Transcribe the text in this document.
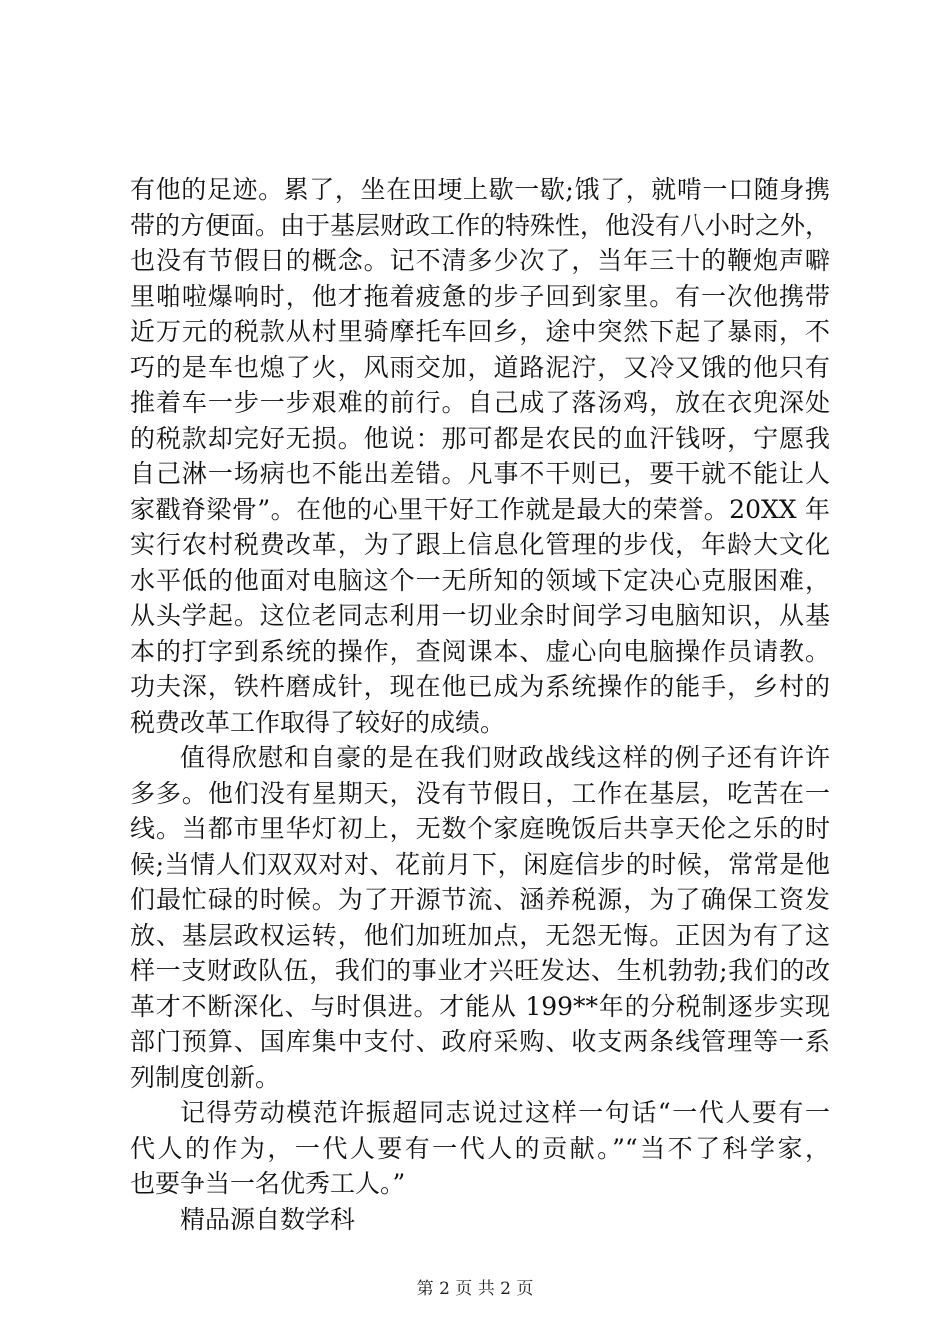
有他的足迹。累了，坐在田埂上歇一歇;饿了，就啃一口随身携
带的方便面。由于基层财政工作的特殊性，他没有八小时之外，
也没有节假日的概念。记不清多少次了，当年三十的鞭炮声噼
里啪啦爆响时，他才拖着疲惫的步子回到家里。有一次他携带
近万元的税款从村里骑摩托车回乡，途中突然下起了暴雨，不
巧的是车也熄了火，风雨交加，道路泥泞，又冷又饿的他只有
推着车一步一步艰难的前行。自己成了落汤鸡，放在衣兜深处
的税款却完好无损。他说：那可都是农民的血汗钱呀，宁愿我
自己淋一场病也不能出差错。凡事不干则已，要干就不能让人
家戳脊梁骨”。在他的心里干好工作就是最大的荣誉。20XX 年
实行农村税费改革，为了跟上信息化管理的步伐，年龄大文化
水平低的他面对电脑这个一无所知的领域下定决心克服困难，
从头学起。这位老同志利用一切业余时间学习电脑知识，从基
本的打字到系统的操作，查阅课本、虚心向电脑操作员请教。
功夫深，铁杵磨成针，现在他已成为系统操作的能手，乡村的
税费改革工作取得了较好的成绩。
值得欣慰和自豪的是在我们财政战线这样的例子还有许许
多多。他们没有星期天，没有节假日，工作在基层，吃苦在一
线。当都市里华灯初上，无数个家庭晚饭后共享天伦之乐的时
候;当情人们双双对对、花前月下，闲庭信步的时候，常常是他
们最忙碌的时候。为了开源节流、涵养税源，为了确保工资发
放、基层政权运转，他们加班加点，无怨无悔。正因为有了这
样一支财政队伍，我们的事业才兴旺发达、生机勃勃;我们的改
革才不断深化、与时俱进。才能从 199**年的分税制逐步实现
部门预算、国库集中支付、政府采购、收支两条线管理等一系
列制度创新。
记得劳动模范许振超同志说过这样一句话“一代人要有一
代人的作为，一代人要有一代人的贡献。”“当不了科学家，
也要争当一名优秀工人。”
精品源自数学科
第 2 页 共 2 页
